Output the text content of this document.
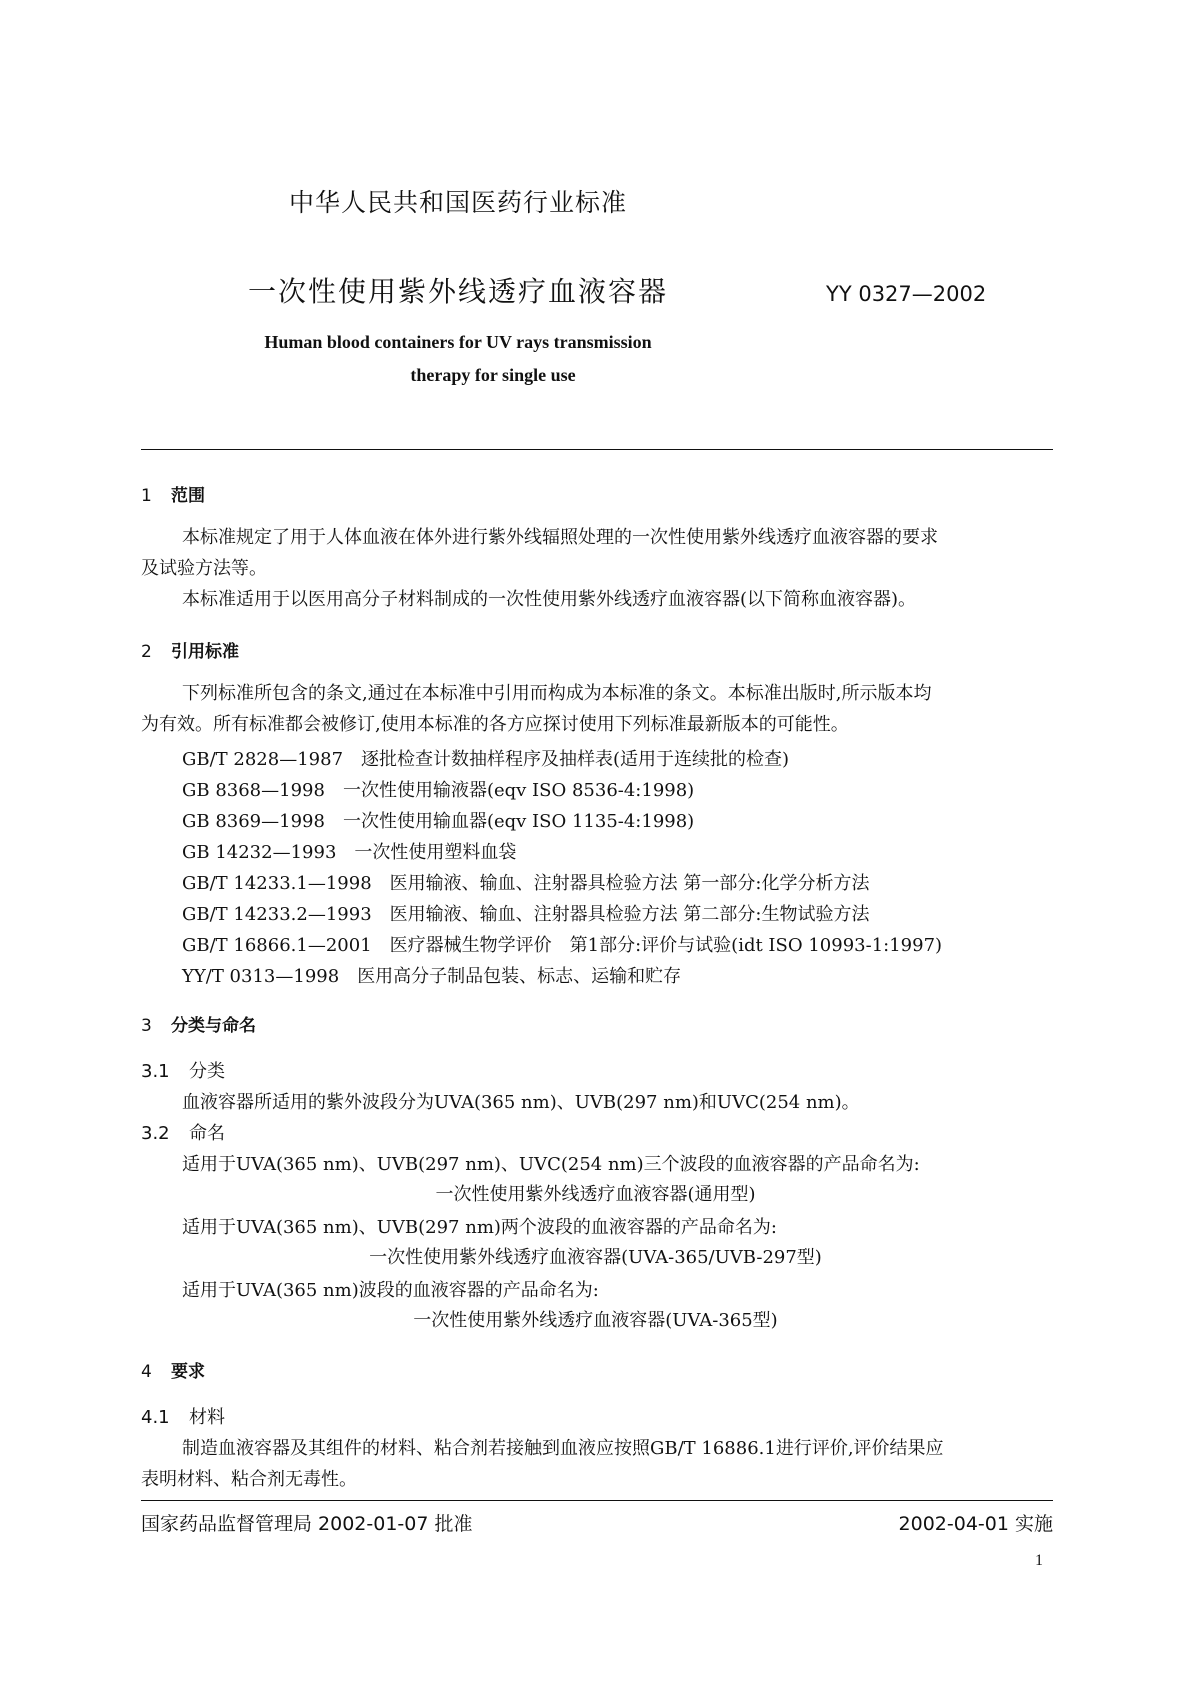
中华人民共和国医药行业标准
一次性使用紫外线透疗血液容器	YY 0327—2002
Human blood containers for UV rays transmission
therapy for single use
1 范围
本标准规定了用于人体血液在体外进行紫外线辐照处理的一次性使用紫外线透疗血液容器的要求
及试验方法等。
本标准适用于以医用高分子材料制成的一次性使用紫外线透疗血液容器(以下简称血液容器)。
2 引用标准
下列标准所包含的条文,通过在本标准中引用而构成为本标准的条文。本标准出版时,所示版本均
为有效。所有标准都会被修订,使用本标准的各方应探讨使用下列标准最新版本的可能性。
GB/T 2828—1987 逐批检查计数抽样程序及抽样表(适用于连续批的检查)
GB 8368—1998 一次性使用输液器(eqv ISO 8536-4:1998)
GB 8369—1998 一次性使用输血器(eqv ISO 1135-4:1998)
GB 14232—1993 一次性使用塑料血袋
GB/T 14233.1—1998 医用输液、输血、注射器具检验方法 第一部分:化学分析方法
GB/T 14233.2—1993 医用输液、输血、注射器具检验方法 第二部分:生物试验方法
GB/T 16866.1—2001 医疗器械生物学评价　第1部分:评价与试验(idt ISO 10993-1:1997)
YY/T 0313—1998 医用高分子制品包装、标志、运输和贮存
3 分类与命名
3.1 分类
血液容器所适用的紫外波段分为UVA(365 nm)、UVB(297 nm)和UVC(254 nm)。
3.2 命名
适用于UVA(365 nm)、UVB(297 nm)、UVC(254 nm)三个波段的血液容器的产品命名为:
一次性使用紫外线透疗血液容器(通用型)
适用于UVA(365 nm)、UVB(297 nm)两个波段的血液容器的产品命名为:
一次性使用紫外线透疗血液容器(UVA-365/UVB-297型)
适用于UVA(365 nm)波段的血液容器的产品命名为:
一次性使用紫外线透疗血液容器(UVA-365型)
4 要求
4.1 材料
制造血液容器及其组件的材料、粘合剂若接触到血液应按照GB/T 16886.1进行评价,评价结果应
表明材料、粘合剂无毒性。
国家药品监督管理局 2002-01-07 批准	2002-04-01 实施
1
